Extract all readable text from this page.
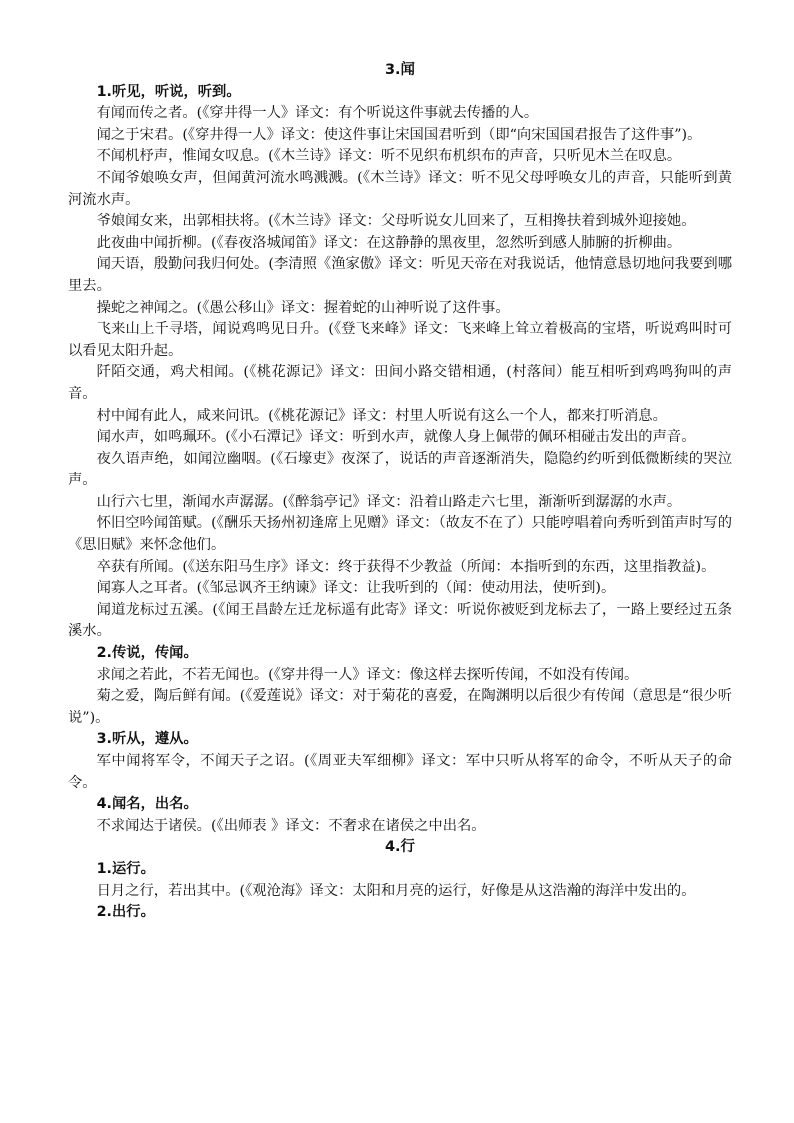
3.闻
1.听见，听说，听到。

有闻而传之者。(《穿井得一人》译文：有个听说这件事就去传播的人。

闻之于宋君。(《穿井得一人》译文：使这件事让宋国国君听到（即“向宋国国君报告了这件事”)。

不闻机杼声，惟闻女叹息。(《木兰诗》译文：听不见织布机织布的声音，只听见木兰在叹息。

不闻爷娘唤女声，但闻黄河流水鸣溅溅。(《木兰诗》译文：听不见父母呼唤女儿的声音，只能听到黄河流水声。

爷娘闻女来，出郭相扶将。(《木兰诗》译文：父母听说女儿回来了，互相搀扶着到城外迎接她。

此夜曲中闻折柳。(《春夜洛城闻笛》译文：在这静静的黑夜里，忽然听到感人肺腑的折柳曲。

闻天语，殷勤问我归何处。(李清照《渔家傲》译文：听见天帝在对我说话，他情意恳切地问我要到哪里去。

操蛇之神闻之。(《愚公移山》译文：握着蛇的山神听说了这件事。

飞来山上千寻塔，闻说鸡鸣见日升。(《登飞来峰》译文：飞来峰上耸立着极高的宝塔，听说鸡叫时可以看见太阳升起。

阡陌交通，鸡犬相闻。(《桃花源记》译文：田间小路交错相通，(村落间）能互相听到鸡鸣狗叫的声音。

村中闻有此人，咸来问讯。(《桃花源记》译文：村里人听说有这么一个人，都来打听消息。

闻水声，如鸣珮环。(《小石潭记》译文：听到水声，就像人身上佩带的佩环相碰击发出的声音。

夜久语声绝，如闻泣幽咽。(《石壕吏》夜深了，说话的声音逐渐消失，隐隐约约听到低微断续的哭泣声。

山行六七里，渐闻水声潺潺。(《醉翁亭记》译文：沿着山路走六七里，渐渐听到潺潺的水声。

怀旧空吟闻笛赋。(《酬乐天扬州初逢席上见赠》译文：（故友不在了）只能哼唱着向秀听到笛声时写的《思旧赋》来怀念他们。

卒获有所闻。(《送东阳马生序》译文：终于获得不少教益（所闻：本指听到的东西，这里指教益)。

闻寡人之耳者。(《邹忌讽齐王纳谏》译文：让我听到的（闻：使动用法，使听到)。

闻道龙标过五溪。(《闻王昌龄左迁龙标遥有此寄》译文：听说你被贬到龙标去了，一路上要经过五条溪水。

2.传说，传闻。

求闻之若此，不若无闻也。(《穿井得一人》译文：像这样去探听传闻，不如没有传闻。

菊之爱，陶后鲜有闻。(《爱莲说》译文：对于菊花的喜爱，在陶渊明以后很少有传闻（意思是“很少听说”)。

3.听从，遵从。

军中闻将军令，不闻天子之诏。(《周亚夫军细柳》译文：军中只听从将军的命令，不听从天子的命令。

4.闻名，出名。

不求闻达于诸侯。(《出师表 》译文：不奢求在诸侯之中出名。

4.行
1.运行。

日月之行，若出其中。(《观沧海》译文：太阳和月亮的运行，好像是从这浩瀚的海洋中发出的。

2.出行。
